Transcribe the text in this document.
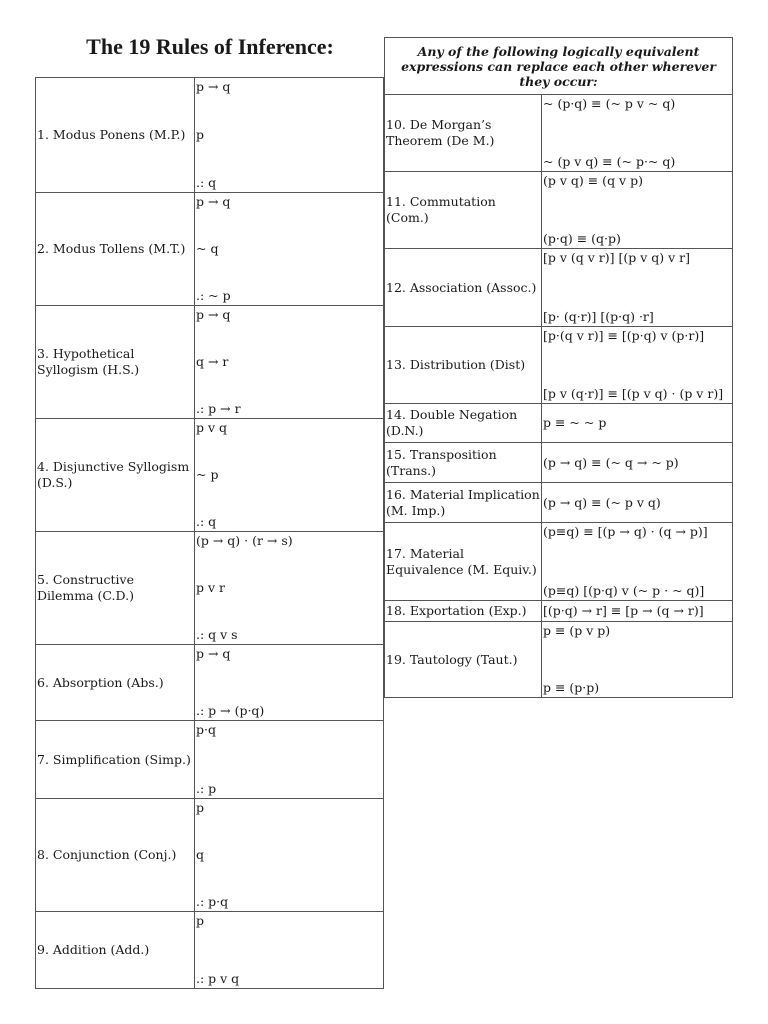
The 19 Rules of Inference:
1. Modus Ponens (M.P.)	p → q
p
.: q

2. Modus Tollens (M.T.)	p → q
~ q
.: ~ p

3. Hypothetical Syllogism (H.S.)	p → q
q → r
.: p → r

4. Disjunctive Syllogism (D.S.)	p v q
~ p
.: q

5. Constructive Dilemma (C.D.)	(p → q) · (r → s)
p v r
.: q v s

6. Absorption (Abs.)	p → q
.: p → (p·q)

7. Simplification (Simp.)	p·q
.: p

8. Conjunction (Conj.)	p
q
.: p·q

9. Addition (Add.)	p
.: p v q
Any of the following logically equivalent expressions can replace each other wherever they occur:	
10. De Morgan’s Theorem (De M.)	~ (p·q) ≡ (~ p v ~ q)
~ (p v q) ≡ (~ p·~ q)

11. Commutation (Com.)	(p v q) ≡ (q v p)
(p·q) ≡ (q·p)

12. Association (Assoc.)	[p v (q v r)] [(p v q) v r]
[p· (q·r)] [(p·q) ·r]

13. Distribution (Dist)	[p·(q v r)] ≡ [(p·q) v (p·r)]
[p v (q·r)] ≡ [(p v q) · (p v r)]

14. Double Negation (D.N.)	p ≡ ~ ~ p

15. Transposition (Trans.)	(p → q) ≡ (~ q → ~ p)

16. Material Implication (M. Imp.)	(p → q) ≡ (~ p v q)

17. Material Equivalence (M. Equiv.)	(p≡q) ≡ [(p → q) · (q → p)]
(p≡q) [(p·q) v (~ p · ~ q)]

18. Exportation (Exp.)	[(p·q) → r] ≡ [p → (q → r)]

19. Tautology (Taut.)	p ≡ (p v p)
p ≡ (p·p)
